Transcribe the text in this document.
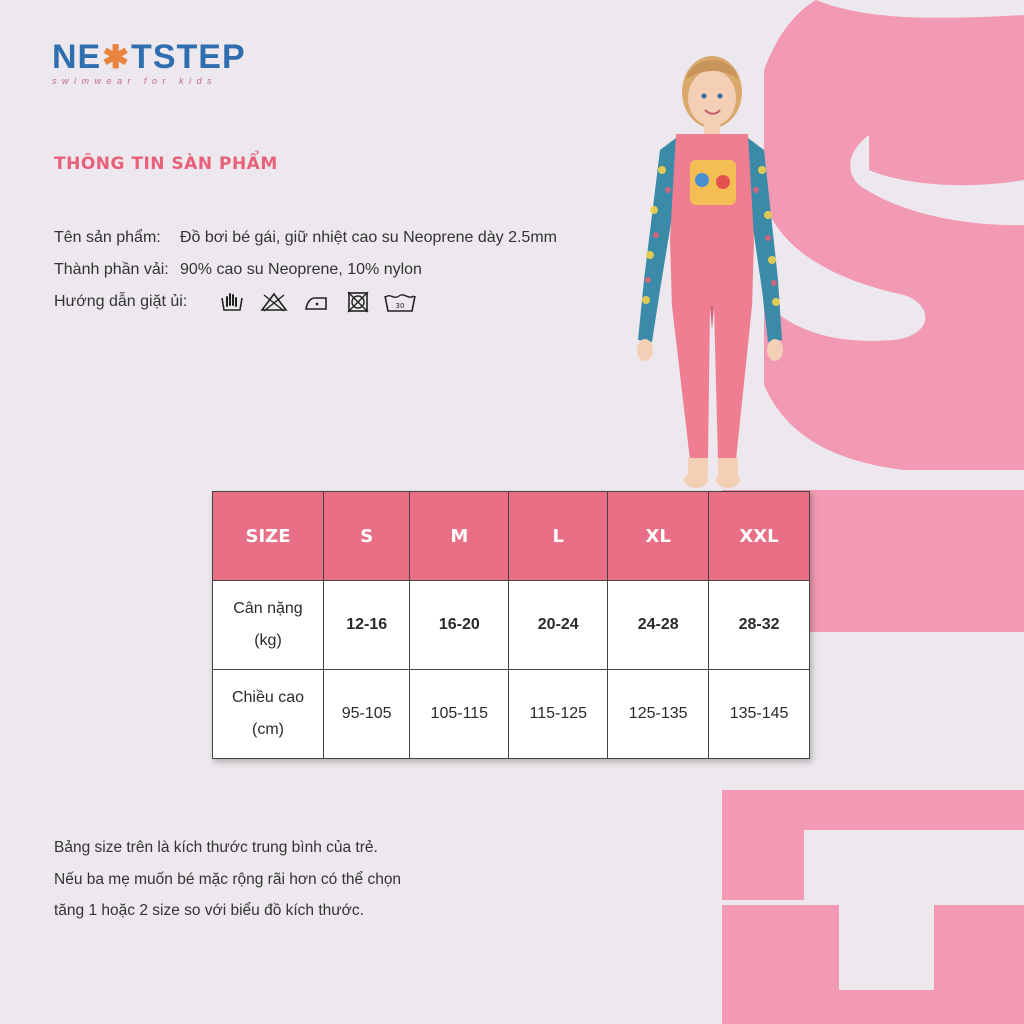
NE ✱ TSTEP
swimwear for kids
THÔNG TIN SÀN PHẨM
Tên sản phẩm:	Đồ bơi bé gái, giữ nhiệt cao su Neoprene dày 2.5mm
Thành phần vải: 90% cao su Neoprene, 10% nylon
Hướng dẫn giặt ủi:	30
SIZE	S	M	L	XL	XXL
Cân nặng
(kg)	12-16	16-20	20-24	24-28	28-32
Chiều cao
(cm)	95-105	105-115	115-125	125-135	135-145
Bảng size trên là kích thước trung bình của trẻ.
Nếu ba mẹ muốn bé mặc rộng rãi hơn có thể chọn
tăng 1 hoặc 2 size so với biểu đồ kích thước.
